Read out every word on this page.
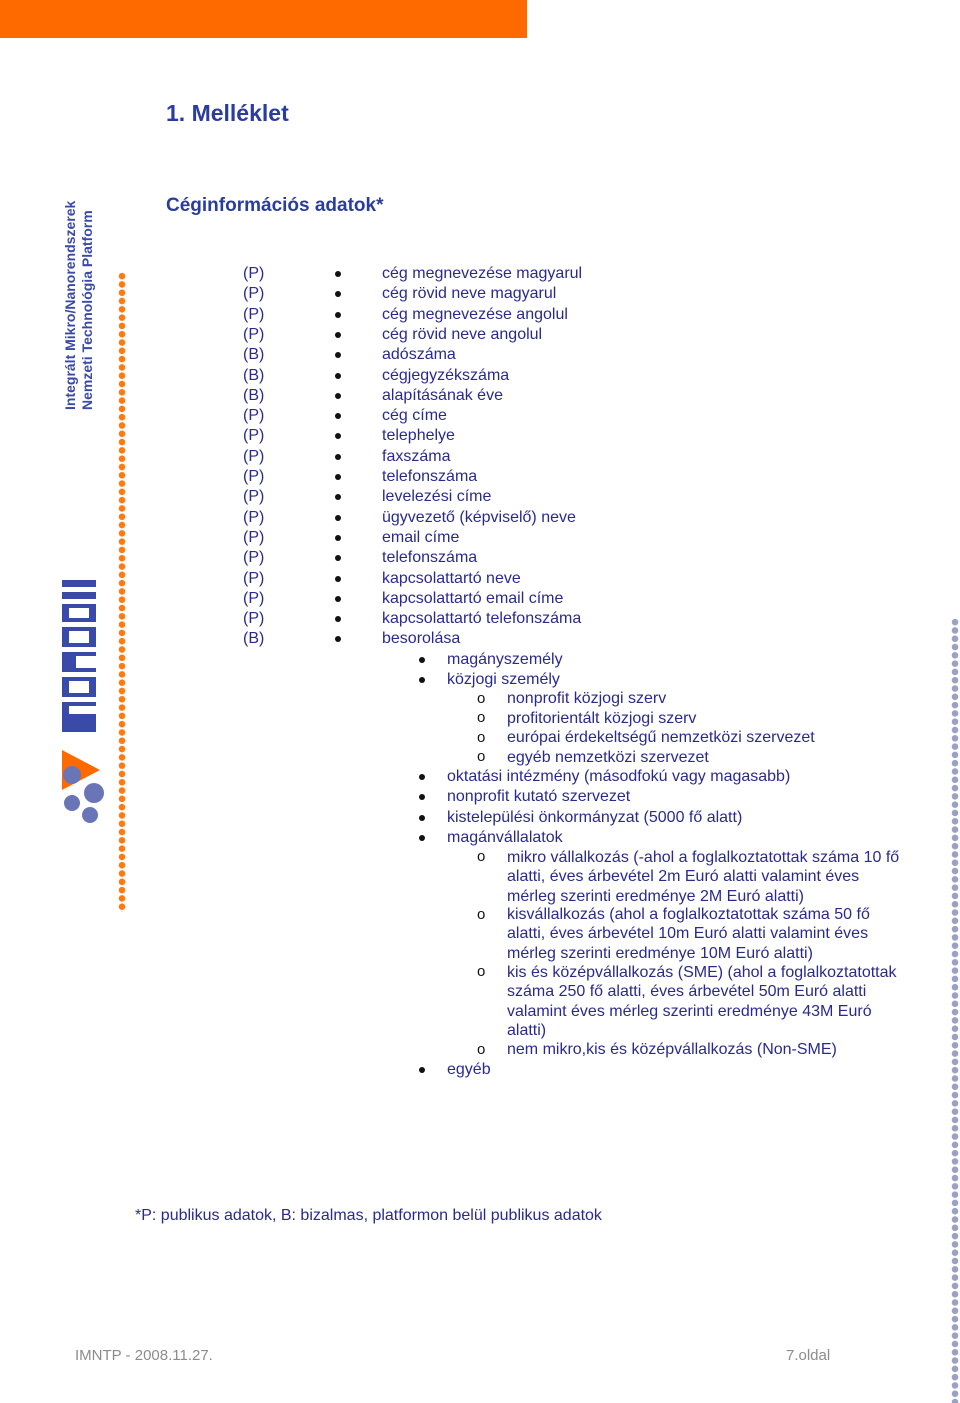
1. Melléklet
Céginformációs adatok*
Integrált Mikro/Nanorendszerek Nemzeti Technológia Platform	(P)	cég megnevezése magyarul
(P)	cég rövid neve magyarul
(P)	cég megnevezése angolul
(P)	cég rövid neve angolul
(B)	adószáma
(B)	cégjegyzékszáma
(B)	alapításának éve
(P)	cég címe
(P)	telephelye
(P)	faxszáma
(P)	telefonszáma
(P)	levelezési címe
(P)	ügyvezető (képviselő) neve
(P)	email címe
(P)	telefonszáma
(P)	kapcsolattartó neve
(P)	kapcsolattartó email címe
(P)	kapcsolattartó telefonszáma
(B)	besorolása
magányszemély
közjogi személy
o nonprofit közjogi szerv
o profitorientált közjogi szerv
o európai érdekeltségű nemzetközi szervezet
o egyéb nemzetközi szervezet
oktatási intézmény (másodfokú vagy magasabb)
nonprofit kutató szervezet
kistelepülési önkormányzat (5000 fő alatt)
magánvállalatok
o mikro vállalkozás (-ahol a foglalkoztatottak száma 10 fő alatti, éves árbevétel 2m Euró alatti valamint éves mérleg szerinti eredménye 2M Euró alatti)
o kisvállalkozás (ahol a foglalkoztatottak száma 50 fő alatti, éves árbevétel 10m Euró alatti valamint éves mérleg szerinti eredménye 10M Euró alatti)
o kis és középvállalkozás (SME) (ahol a foglalkoztatottak száma 250 fő alatti, éves árbevétel 50m Euró alatti valamint éves mérleg szerinti eredménye 43M Euró alatti)
o nem mikro,kis és középvállalkozás (Non-SME)
egyéb
*P: publikus adatok, B: bizalmas, platformon belül publikus adatok
IMNTP - 2008.11.27.	7.oldal
